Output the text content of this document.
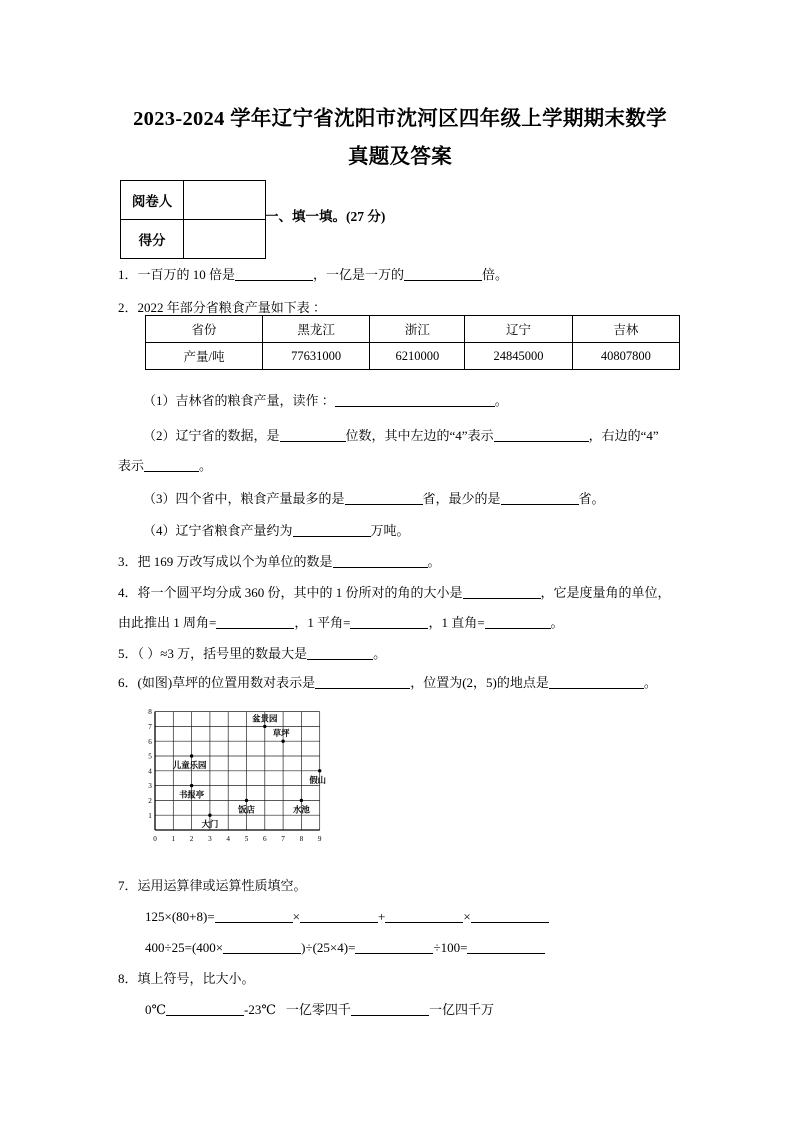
2023-2024 学年辽宁省沈阳市沈河区四年级上学期期末数学
真题及答案
阅卷人	
得分	
一、填一填。(27 分)
1．一百万的 10 倍是	，一亿是一万的	倍。
2．2022 年部分省粮食产量如下表 ：
省份	黑龙江	浙江	辽宁	吉林
产量/吨	77631000	6210000	24845000	40807800
（1）吉林省的粮食产量，读作 ：	。
（2）辽宁省的数据，是	位数，其中左边的“4”表示	，右边的“4”
表示	。
（3）四个省中，粮食产量最多的是	省，最少的是	省。
（4）辽宁省粮食产量约为	万吨。
3．把 169 万改写成以个为单位的数是	。
4．将一个圆平均分成 360 份，其中的 1 份所对的角的大小是	，它是度量角的单位，
由此推出 1 周角=	，1 平角=	，1 直角=	。
5．（ ）≈3 万，括号里的数最大是	。
6．(如图)草坪的位置用数对表示是	，位置为(2，5)的地点是	。
0 1 2 3 4 5 6 7 8 9
1
2
3
4
5
6
7
8
盆景园
草坪
儿童乐园
假山
书报亭
饭店	水池
大门
7．运用运算律或运算性质填空。
125×(80+8)=	×	+	×
400÷25=(400×	)÷(25×4)=	÷100=
8．填上符号，比大小。
0℃	-23℃ 一亿零四千	一亿四千万
